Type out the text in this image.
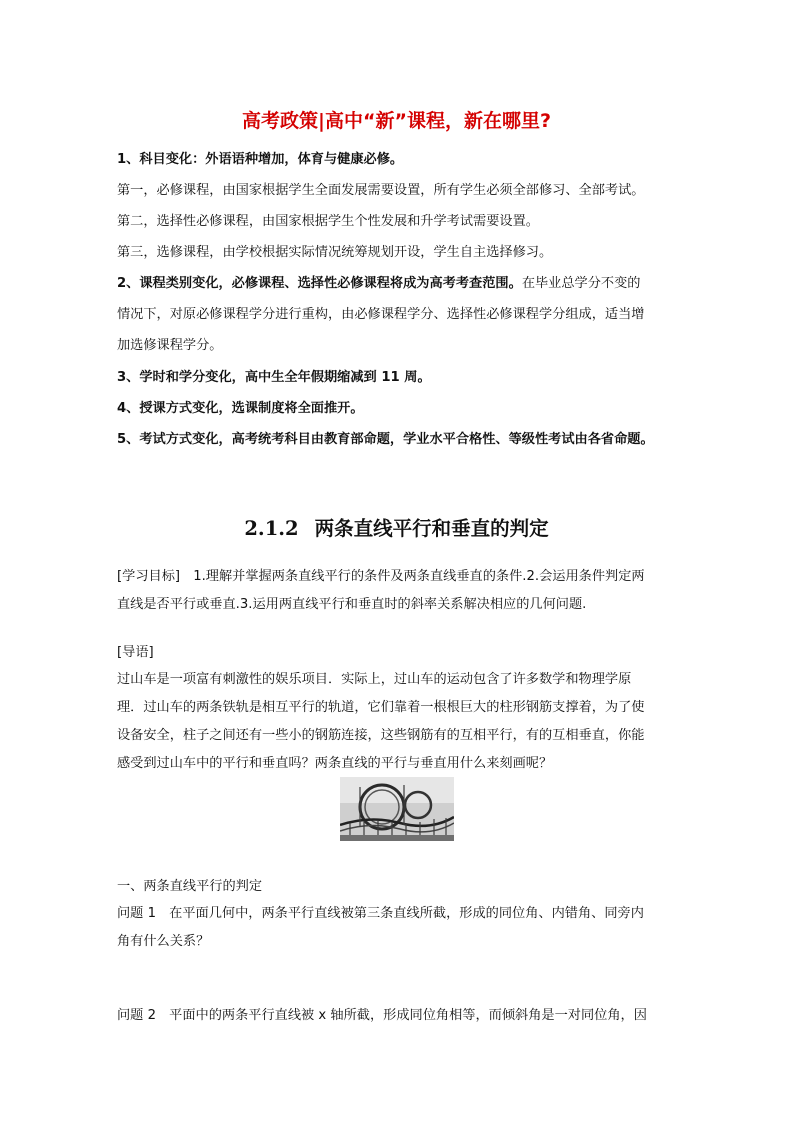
高考政策|高中“新”课程，新在哪里?
1、科目变化：外语语种增加，体育与健康必修。
第一，必修课程，由国家根据学生全面发展需要设置，所有学生必须全部修习、全部考试。
第二，选择性必修课程，由国家根据学生个性发展和升学考试需要设置。
第三，选修课程，由学校根据实际情况统筹规划开设，学生自主选择修习。
2、课程类别变化，必修课程、选择性必修课程将成为高考考查范围。在毕业总学分不变的
情况下，对原必修课程学分进行重构，由必修课程学分、选择性必修课程学分组成，适当增
加选修课程学分。
3、学时和学分变化，高中生全年假期缩减到 11 周。
4、授课方式变化，选课制度将全面推开。
5、考试方式变化，高考统考科目由教育部命题，学业水平合格性、等级性考试由各省命题。
2.1.2 两条直线平行和垂直的判定
[学习目标]　1.理解并掌握两条直线平行的条件及两条直线垂直的条件.2.会运用条件判定两
直线是否平行或垂直.3.运用两直线平行和垂直时的斜率关系解决相应的几何问题.
[导语]
过山车是一项富有刺激性的娱乐项目．实际上，过山车的运动包含了许多数学和物理学原
理．过山车的两条铁轨是相互平行的轨道，它们靠着一根根巨大的柱形钢筋支撑着，为了使
设备安全，柱子之间还有一些小的钢筋连接，这些钢筋有的互相平行，有的互相垂直，你能
感受到过山车中的平行和垂直吗？两条直线的平行与垂直用什么来刻画呢？
一、两条直线平行的判定
问题 1　在平面几何中，两条平行直线被第三条直线所截，形成的同位角、内错角、同旁内
角有什么关系？
问题 2　平面中的两条平行直线被 x 轴所截，形成同位角相等，而倾斜角是一对同位角，因
